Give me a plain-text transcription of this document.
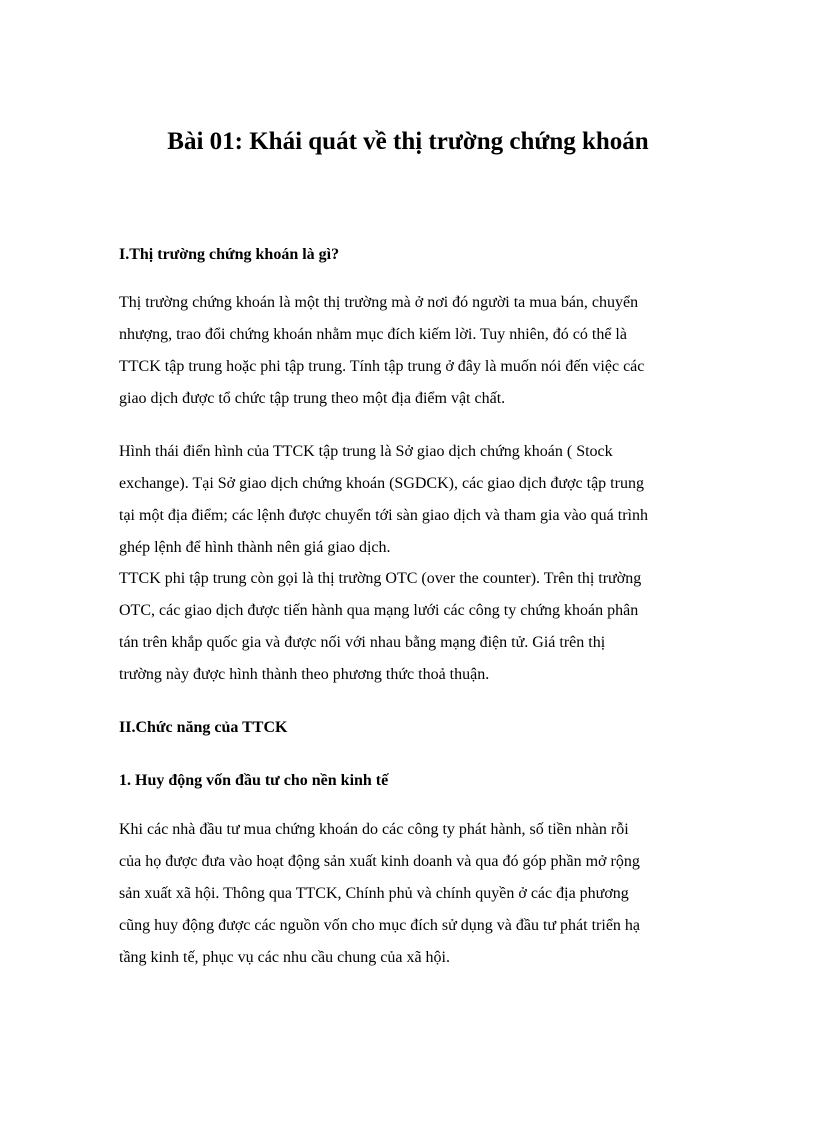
Bài 01: Khái quát về thị trường chứng khoán

I.Thị trường chứng khoán là gì?

Thị trường chứng khoán là một thị trường mà ở nơi đó người ta mua bán, chuyển

nhượng, trao đổi chứng khoán nhằm mục đích kiếm lời. Tuy nhiên, đó có thể là

TTCK tập trung hoặc phi tập trung. Tính tập trung ở đây là muốn nói đến việc các

giao dịch được tổ chức tập trung theo một địa điểm vật chất.

Hình thái điển hình của TTCK tập trung là Sở giao dịch chứng khoán ( Stock

exchange). Tại Sở giao dịch chứng khoán (SGDCK), các giao dịch được tập trung

tại một địa điểm; các lệnh được chuyển tới sàn giao dịch và tham gia vào quá trình

ghép lệnh để hình thành nên giá giao dịch.

TTCK phi tập trung còn gọi là thị trường OTC (over the counter). Trên thị trường

OTC, các giao dịch được tiến hành qua mạng lưới các công ty chứng khoán phân

tán trên khắp quốc gia và được nối với nhau bằng mạng điện tử. Giá trên thị

trường này được hình thành theo phương thức thoả thuận.

II.Chức năng của TTCK

1. Huy động vốn đầu tư cho nền kinh tế

Khi các nhà đầu tư mua chứng khoán do các công ty phát hành, số tiền nhàn rỗi

của họ được đưa vào hoạt động sản xuất kinh doanh và qua đó góp phần mở rộng

sản xuất xã hội. Thông qua TTCK, Chính phủ và chính quyền ở các địa phương

cũng huy động được các nguồn vốn cho mục đích sử dụng và đầu tư phát triển hạ

tầng kinh tế, phục vụ các nhu cầu chung của xã hội.
